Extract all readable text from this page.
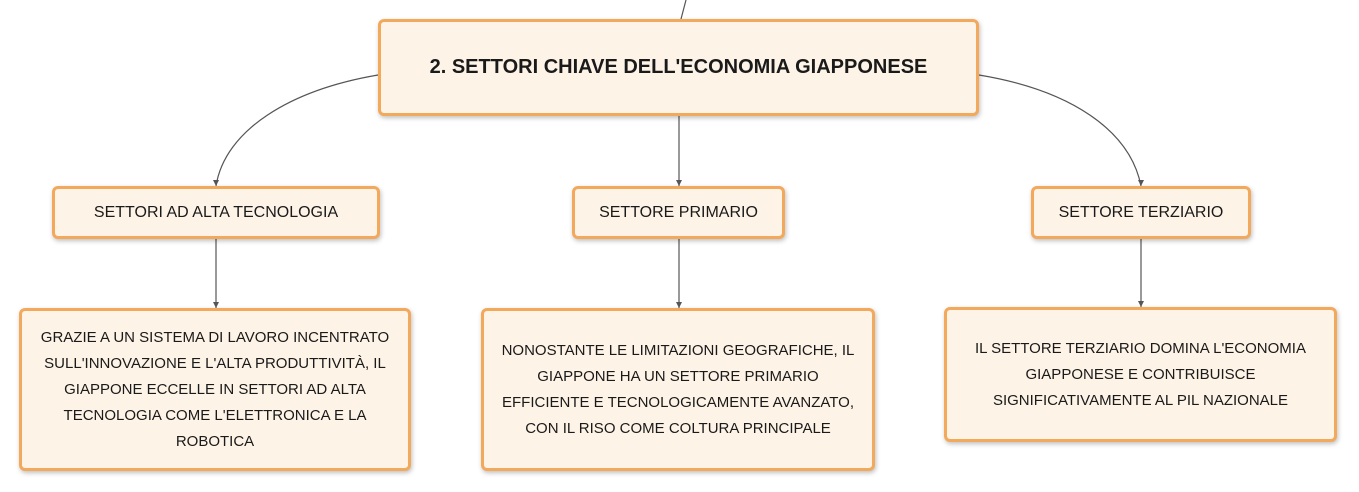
2. SETTORI CHIAVE DELL'ECONOMIA GIAPPONESE
SETTORI AD ALTA TECNOLOGIA	SETTORE PRIMARIO	SETTORE TERZIARIO
GRAZIE A UN SISTEMA DI LAVORO INCENTRATO SULL'INNOVAZIONE E L'ALTA PRODUTTIVITÀ, IL GIAPPONE ECCELLE IN SETTORI AD ALTA TECNOLOGIA COME L'ELETTRONICA E LA ROBOTICA
NONOSTANTE LE LIMITAZIONI GEOGRAFICHE, IL GIAPPONE HA UN SETTORE PRIMARIO EFFICIENTE E TECNOLOGICAMENTE AVANZATO, CON IL RISO COME COLTURA PRINCIPALE
IL SETTORE TERZIARIO DOMINA L'ECONOMIA GIAPPONESE E CONTRIBUISCE SIGNIFICATIVAMENTE AL PIL NAZIONALE
